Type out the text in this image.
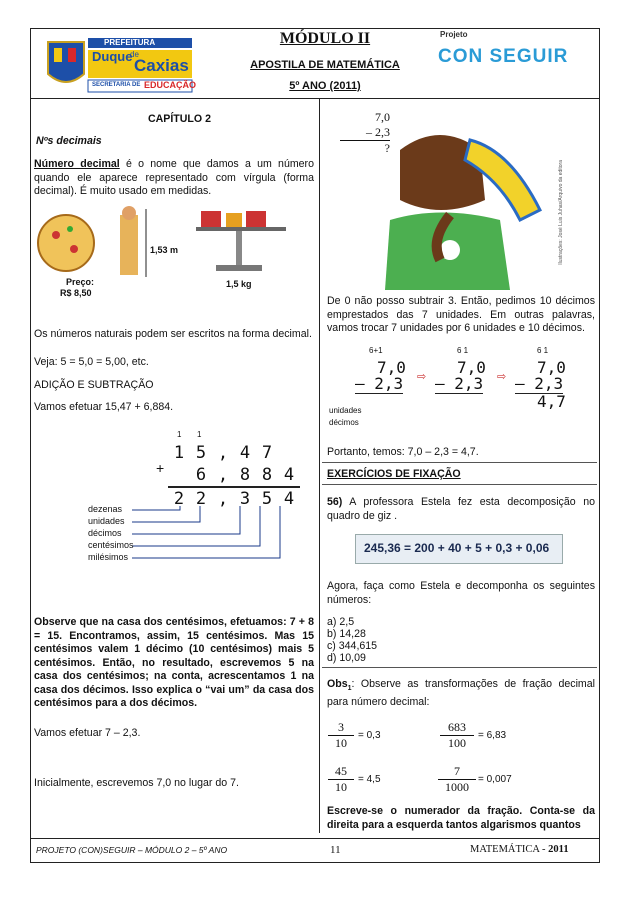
PREFEITURA
Duque Caxias
de
SECRETARIA DE EDUCAÇÃO
MÓDULO II
APOSTILA DE MATEMÁTICA
5º ANO (2011)
Projeto
CON SEGUIR
CAPÍTULO 2
Nºs decimais
Número decimal é o nome que damos a um número quando ele aparece representado com vírgula (forma decimal). É muito usado em medidas.
Preço:
R$ 8,50
1,53 m
1,5 kg
Os números naturais podem ser escritos na forma decimal.
Veja: 5 = 5,0 = 5,00, etc.
ADIÇÃO E SUBTRAÇÃO
Vamos efetuar 15,47 + 6,884.
1 1
1	5	,	4	7	
	6	,	8	8	4
2	2	,	3	5	4
+
dezenas
unidades
décimos
centésimos
milésimos
Observe que na casa dos centésimos, efetuamos: 7 + 8 = 15. Encontramos, assim, 15 centésimos. Mas 15 centésimos valem 1 décimo (10 centésimos) mais 5 centésimos. Então, no resultado, escrevemos 5 na casa dos centésimos; na conta, acrescentamos 1 na casa dos décimos. Isso explica o “vai um” da casa dos centésimos para a dos décimos.
Vamos efetuar 7 – 2,3.
Inicialmente, escrevemos 7,0 no lugar do 7.
7,0
– 2,3
?
Ilustrações: José Luis Juhas/Arquivo da editora
De 0 não posso subtrair 3. Então, pedimos 10 décimos emprestados das 7 unidades. Em outras palavras, vamos trocar 7 unidades por 6 unidades e 10 décimos.
6+1
7,0
– 2,3
unidades
décimos
⇨
6 1
7,0
– 2,3 ⇨
6 1
7,0
– 2,3
4,7
Portanto, temos: 7,0 – 2,3 = 4,7.
EXERCÍCIOS DE FIXAÇÃO
56) A professora Estela fez esta decomposição no quadro de giz .
245,36 = 200 + 40 + 5 + 0,3 + 0,06
Agora, faça como Estela e decomponha os seguintes números:
a) 2,5
b) 14,28
c) 344,615
d) 10,09
Obs$_1$: Observe as transformações de fração decimal para número decimal:
$\frac{3}{10} = 0,3$	$\frac{683}{100} = 6,83$
$\frac{45}{10} = 4,5$	$\frac{7}{1000} = 0,007$
Escreve-se o numerador da fração. Conta-se da direita para a esquerda tantos algarismos quantos
PROJETO (CON)SEGUIR – MÓDULO 2 – 5º ANO	11	MATEMÁTICA - 2011
